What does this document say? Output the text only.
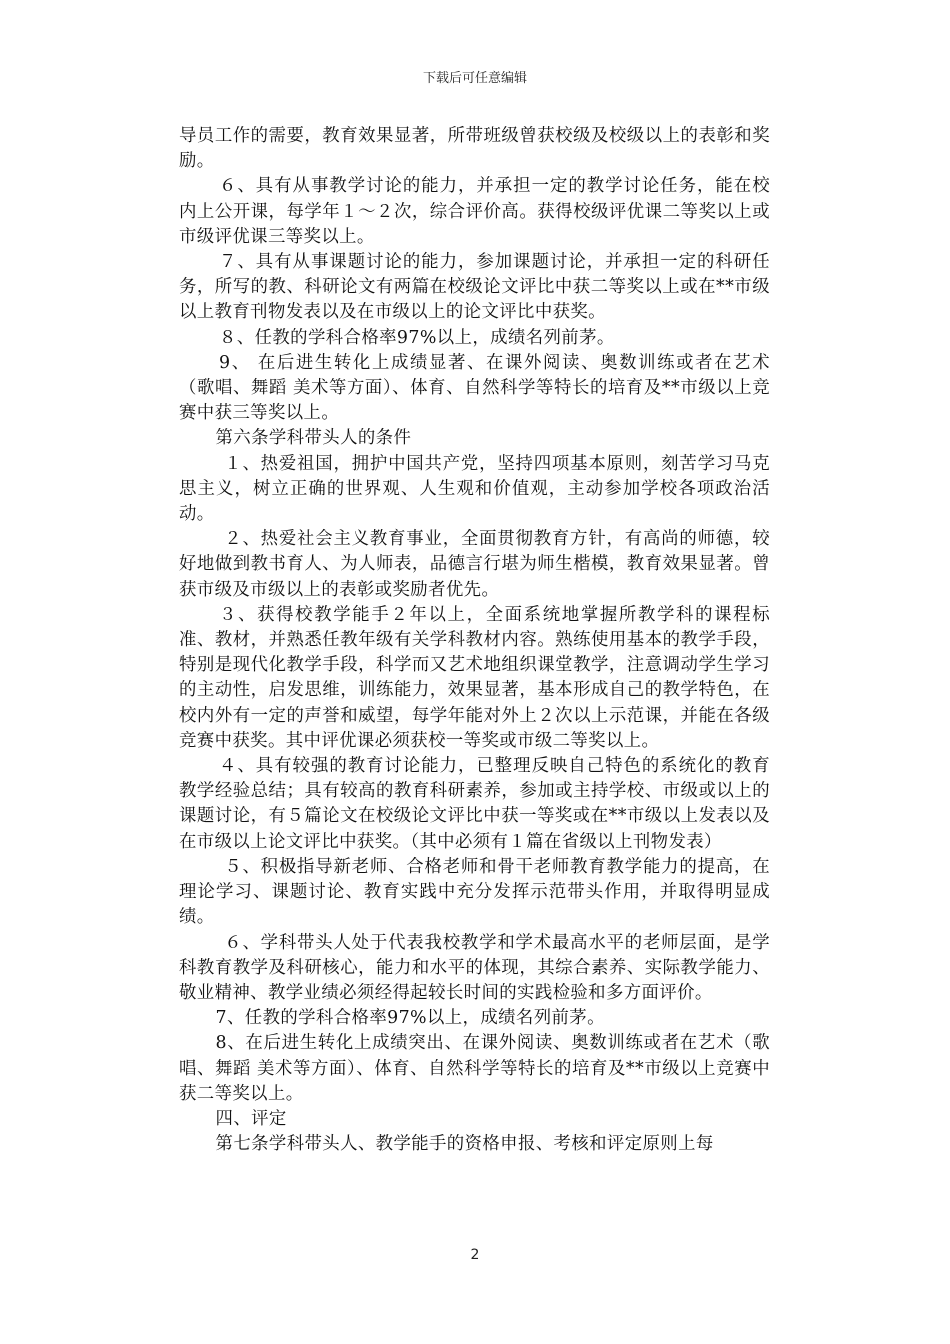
下载后可任意编辑

导员工作的需要，教育效果显著，所带班级曾获校级及校级以上的表彰和奖励。

６、具有从事教学讨论的能力，并承担一定的教学讨论任务，能在校内上公开课，每学年１～２次，综合评价高。获得校级评优课二等奖以上或市级评优课三等奖以上。

７、具有从事课题讨论的能力，参加课题讨论，并承担一定的科研任务，所写的教、科研论文有两篇在校级论文评比中获二等奖以上或在**市级以上教育刊物发表以及在市级以上的论文评比中获奖。

８、任教的学科合格率97%以上，成绩名列前茅。

9、 在后进生转化上成绩显著、在课外阅读、奥数训练或者在艺术（歌唱、舞蹈 美术等方面）、体育、自然科学等特长的培育及**市级以上竞赛中获三等奖以上。

第六条学科带头人的条件

１、热爱祖国，拥护中国共产党，坚持四项基本原则，刻苦学习马克思主义，树立正确的世界观、人生观和价值观，主动参加学校各项政治活动。

２、热爱社会主义教育事业，全面贯彻教育方针，有高尚的师德，较好地做到教书育人、为人师表，品德言行堪为师生楷模，教育效果显著。曾获市级及市级以上的表彰或奖励者优先。

３、获得校教学能手２年以上，全面系统地掌握所教学科的课程标准、教材，并熟悉任教年级有关学科教材内容。熟练使用基本的教学手段，特别是现代化教学手段，科学而又艺术地组织课堂教学，注意调动学生学习的主动性，启发思维，训练能力，效果显著，基本形成自己的教学特色，在校内外有一定的声誉和威望，每学年能对外上２次以上示范课，并能在各级竞赛中获奖。其中评优课必须获校一等奖或市级二等奖以上。

４、具有较强的教育讨论能力，已整理反映自己特色的系统化的教育教学经验总结；具有较高的教育科研素养，参加或主持学校、市级或以上的课题讨论，有５篇论文在校级论文评比中获一等奖或在**市级以上发表以及在市级以上论文评比中获奖。（其中必须有１篇在省级以上刊物发表）

５、积极指导新老师、合格老师和骨干老师教育教学能力的提高，在理论学习、课题讨论、教育实践中充分发挥示范带头作用，并取得明显成绩。

６、学科带头人处于代表我校教学和学术最高水平的老师层面，是学科教育教学及科研核心，能力和水平的体现，其综合素养、实际教学能力、敬业精神、教学业绩必须经得起较长时间的实践检验和多方面评价。

7、任教的学科合格率97%以上，成绩名列前茅。

8、在后进生转化上成绩突出、在课外阅读、奥数训练或者在艺术（歌唱、舞蹈 美术等方面）、体育、自然科学等特长的培育及**市级以上竞赛中获二等奖以上。

四、评定

第七条学科带头人、教学能手的资格申报、考核和评定原则上每

2
